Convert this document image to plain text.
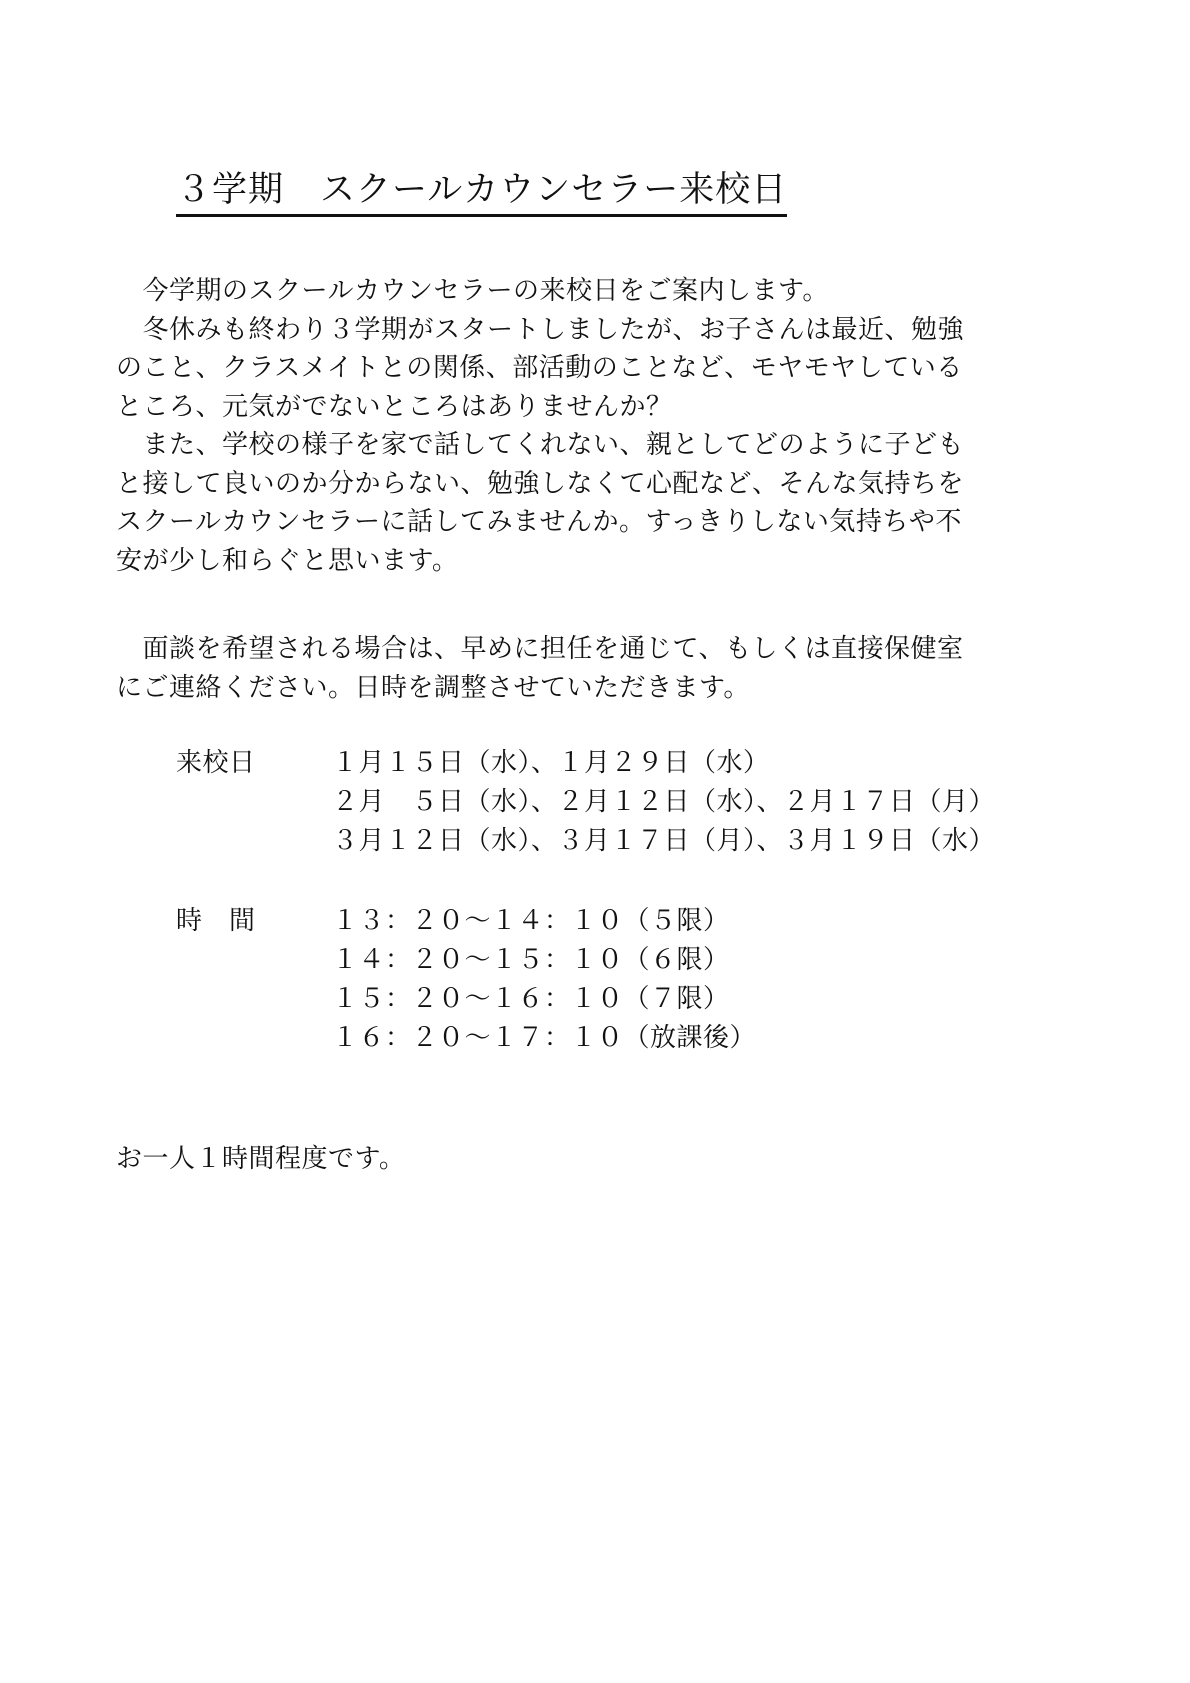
３学期　スクールカウンセラー来校日
　今学期のスクールカウンセラーの来校日をご案内します。
　冬休みも終わり３学期がスタートしましたが、お子さんは最近、勉強
のこと、クラスメイトとの関係、部活動のことなど、モヤモヤしている
ところ、元気がでないところはありませんか？
　また、学校の様子を家で話してくれない、親としてどのように子ども
と接して良いのか分からない、勉強しなくて心配など、そんな気持ちを
スクールカウンセラーに話してみませんか。すっきりしない気持ちや不
安が少し和らぐと思います。
　面談を希望される場合は、早めに担任を通じて、もしくは直接保健室
にご連絡ください。日時を調整させていただきます。
来校日	１月１５日（水）、１月２９日（水）
２月　５日（水）、２月１２日（水）、２月１７日（月）
３月１２日（水）、３月１７日（月）、３月１９日（水）
時　間	１３：２０～１４：１０（５限）
１４：２０～１５：１０（６限）
１５：２０～１６：１０（７限）
１６：２０～１７：１０（放課後）
お一人１時間程度です。
